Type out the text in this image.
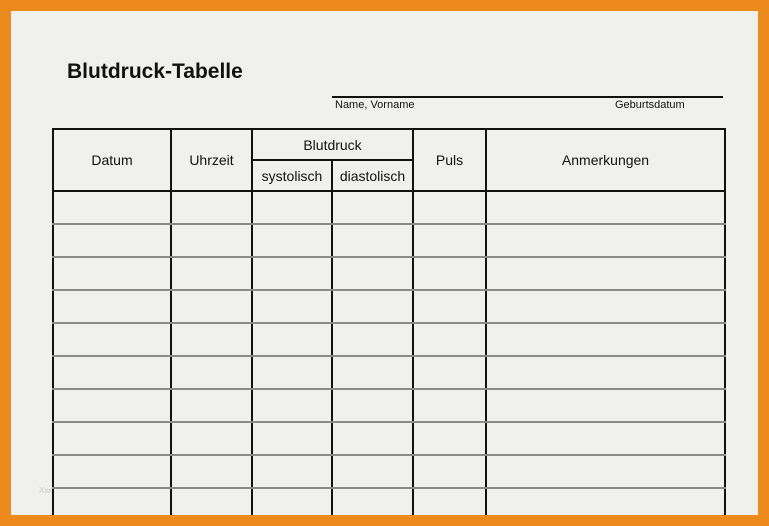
Blutdruck-Tabelle
Name, Vorname	Geburtsdatum
Datum	Uhrzeit	Blutdruck		Puls	Anmerkungen
		systolisch	diastolisch		

Xxx
